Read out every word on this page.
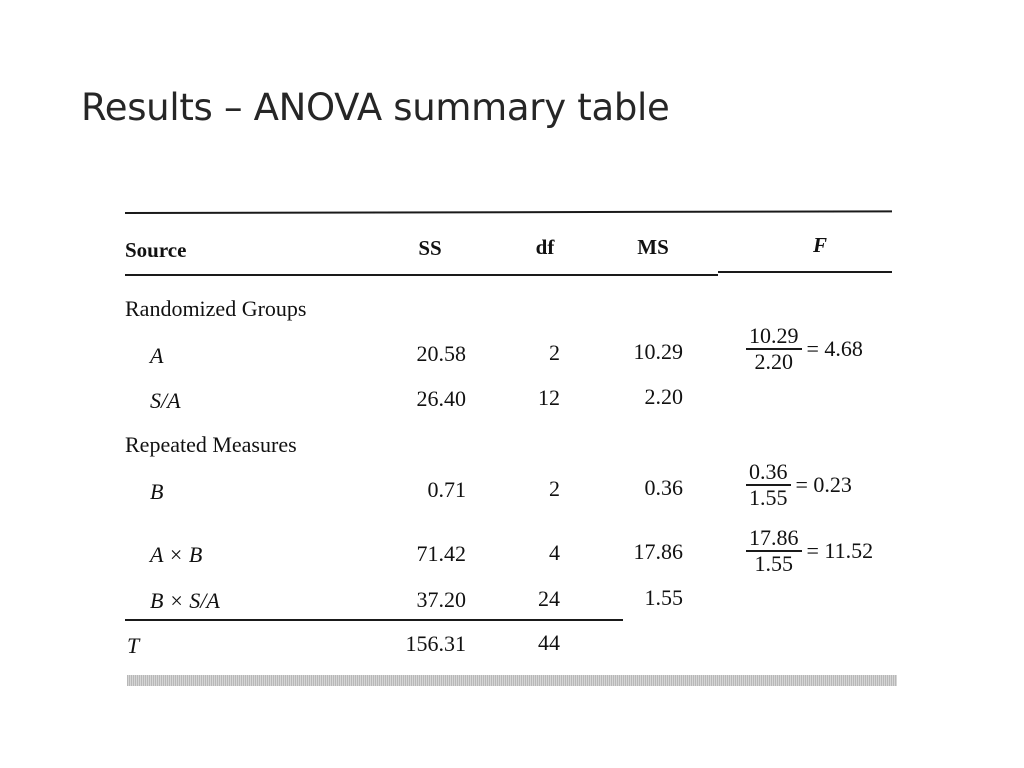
Results – ANOVA summary table
Source	SS	df	MS	F
Randomized Groups
A	20.58	2	10.29	$\frac{10.29}{2.20} = 4.68$
S/A	26.40	12	2.20
Repeated Measures
B	0.71	2	0.36	$\frac{0.36}{1.55} = 0.23$
A × B	71.42	4	17.86	$\frac{17.86}{1.55} = 11.52$
B × S/A	37.20	24	1.55
T	156.31	44
